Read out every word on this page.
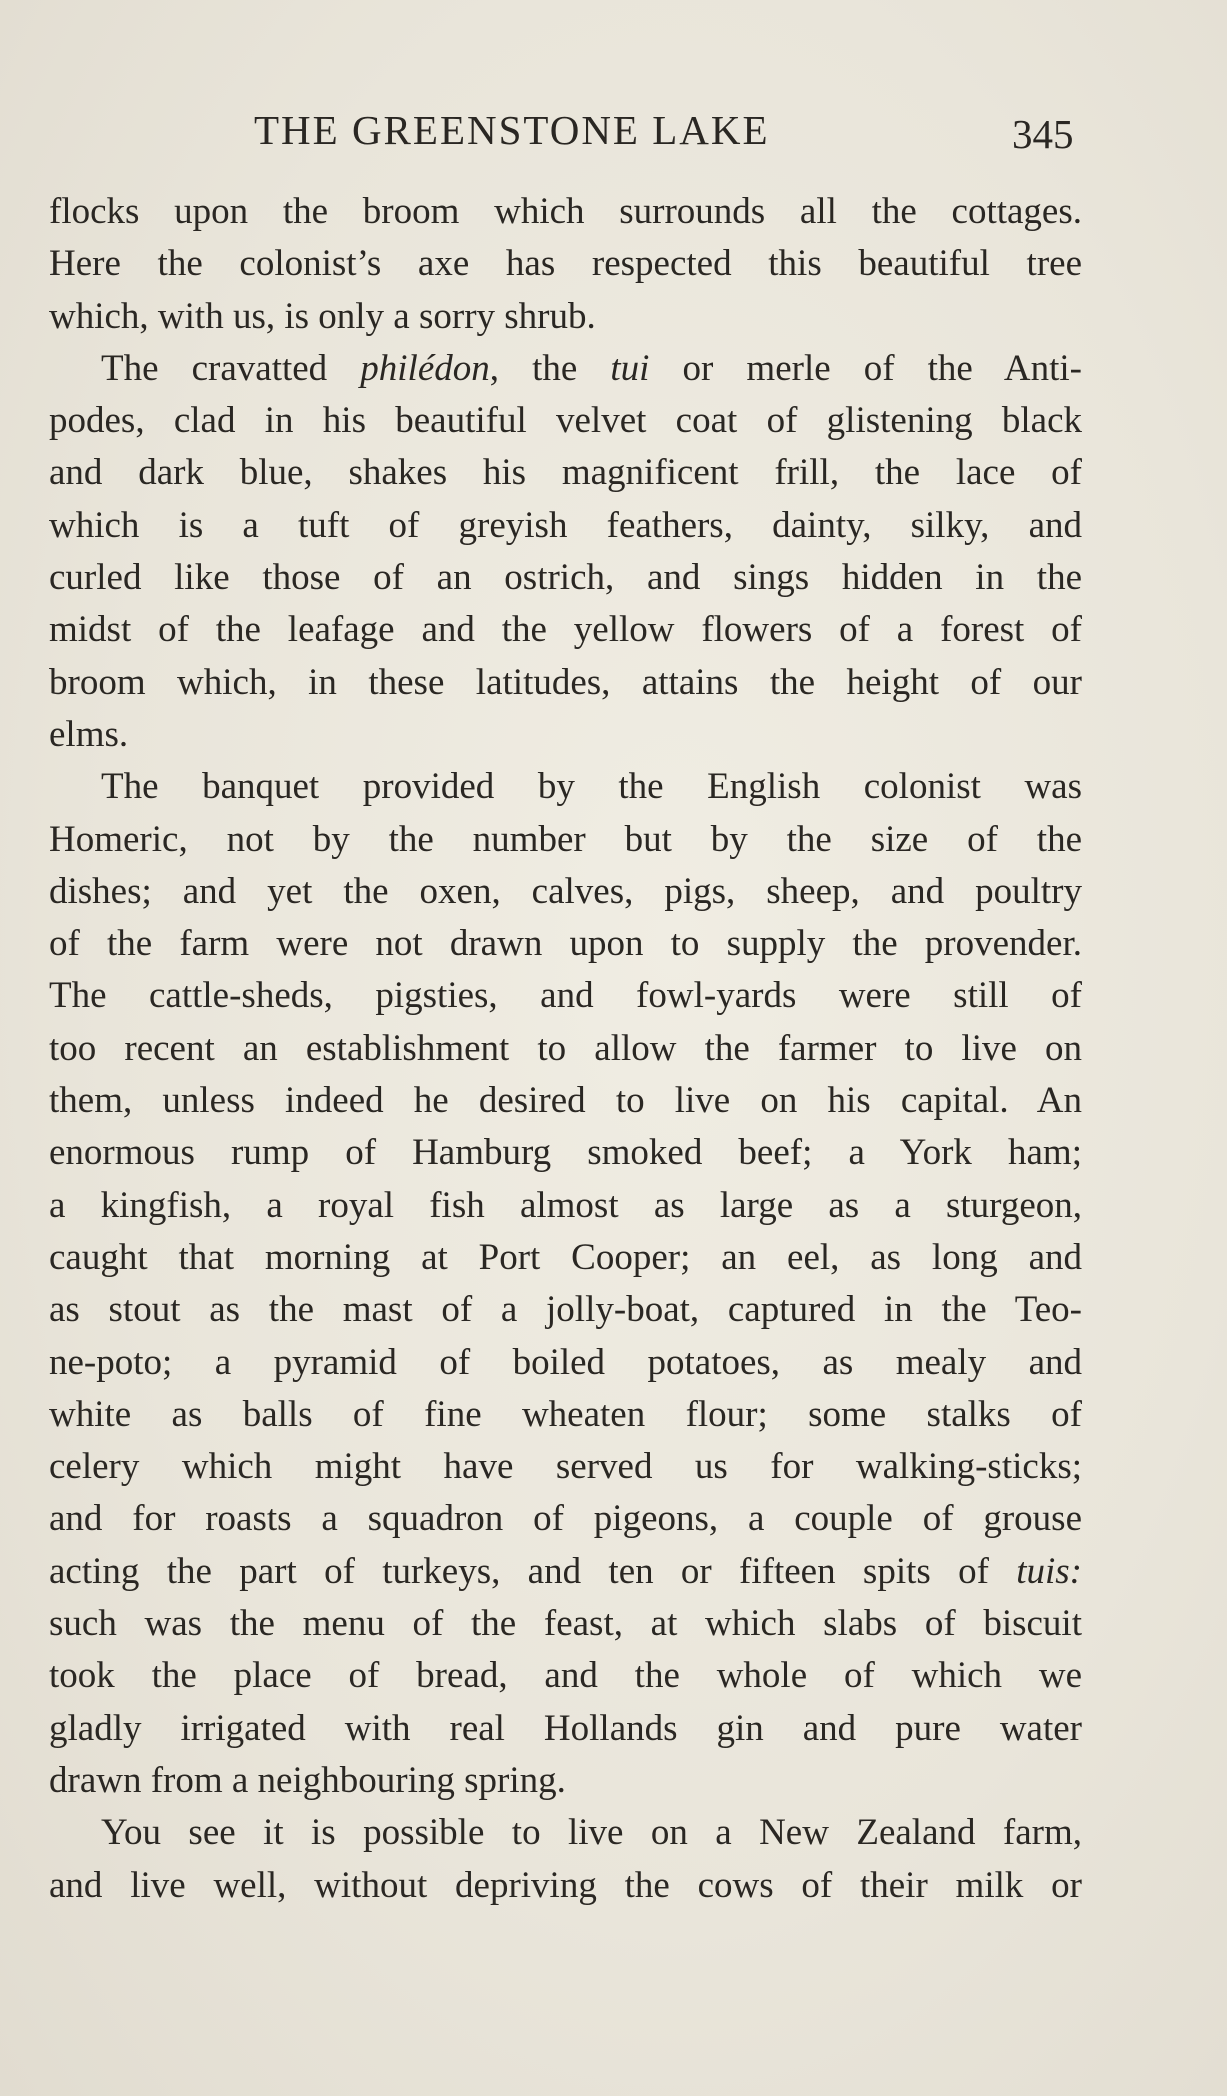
THE GREENSTONE LAKE	345
flocks upon the broom which surrounds all the cottages.
Here the colonist’s axe has respected this beautiful tree
which, with us, is only a sorry shrub.
The cravatted philédon, the tui or merle of the Anti-
podes, clad in his beautiful velvet coat of glistening black
and dark blue, shakes his magnificent frill, the lace of
which is a tuft of greyish feathers, dainty, silky, and
curled like those of an ostrich, and sings hidden in the
midst of the leafage and the yellow flowers of a forest of
broom which, in these latitudes, attains the height of our
elms.
The banquet provided by the English colonist was
Homeric, not by the number but by the size of the
dishes; and yet the oxen, calves, pigs, sheep, and poultry
of the farm were not drawn upon to supply the provender.
The cattle-sheds, pigsties, and fowl-yards were still of
too recent an establishment to allow the farmer to live on
them, unless indeed he desired to live on his capital. An
enormous rump of Hamburg smoked beef; a York ham;
a kingfish, a royal fish almost as large as a sturgeon,
caught that morning at Port Cooper; an eel, as long and
as stout as the mast of a jolly-boat, captured in the Teo-
ne-poto; a pyramid of boiled potatoes, as mealy and
white as balls of fine wheaten flour; some stalks of
celery which might have served us for walking-sticks;
and for roasts a squadron of pigeons, a couple of grouse
acting the part of turkeys, and ten or fifteen spits of tuis:
such was the menu of the feast, at which slabs of biscuit
took the place of bread, and the whole of which we
gladly irrigated with real Hollands gin and pure water
drawn from a neighbouring spring.
You see it is possible to live on a New Zealand farm,
and live well, without depriving the cows of their milk or
